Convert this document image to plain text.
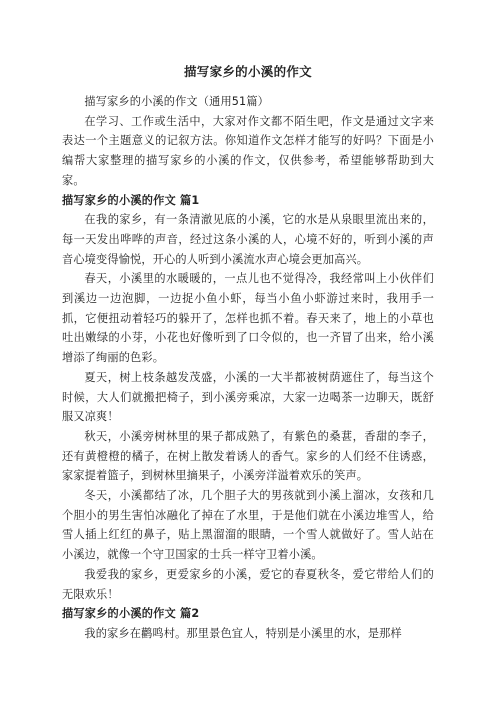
描写家乡的小溪的作文

描写家乡的小溪的作文（通用51篇）

在学习、工作或生活中，大家对作文都不陌生吧，作文是通过文字来表达一个主题意义的记叙方法。你知道作文怎样才能写的好吗？下面是小编帮大家整理的描写家乡的小溪的作文，仅供参考，希望能够帮助到大家。

描写家乡的小溪的作文 篇1

在我的家乡，有一条清澈见底的小溪，它的水是从泉眼里流出来的，每一天发出哗哗的声音，经过这条小溪的人，心境不好的，听到小溪的声音心境变得愉悦，开心的人听到小溪流水声心境会更加高兴。

春天，小溪里的水暖暖的，一点儿也不觉得冷，我经常叫上小伙伴们到溪边一边泡脚，一边捉小鱼小虾，每当小鱼小虾游过来时，我用手一抓，它便扭动着轻巧的躲开了，怎样也抓不着。春天来了，地上的小草也吐出嫩绿的小芽，小花也好像听到了口令似的，也一齐冒了出来，给小溪增添了绚丽的色彩。

夏天，树上枝条越发茂盛，小溪的一大半都被树荫遮住了，每当这个时候，大人们就搬把椅子，到小溪旁乘凉，大家一边喝茶一边聊天，既舒服又凉爽！

秋天，小溪旁树林里的果子都成熟了，有紫色的桑葚，香甜的李子，还有黄橙橙的橘子，在树上散发着诱人的香气。家乡的人们经不住诱惑，家家提着篮子，到树林里摘果子，小溪旁洋溢着欢乐的笑声。

冬天，小溪都结了冰，几个胆子大的男孩就到小溪上溜冰，女孩和几个胆小的男生害怕冰融化了掉在了水里，于是他们就在小溪边堆雪人，给雪人插上红红的鼻子，贴上黑溜溜的眼睛，一个雪人就做好了。雪人站在小溪边，就像一个守卫国家的士兵一样守卫着小溪。

我爱我的家乡，更爱家乡的小溪，爱它的春夏秋冬，爱它带给人们的无限欢乐！

描写家乡的小溪的作文 篇2

我的家乡在鹳鸣村。那里景色宜人，特别是小溪里的水，是那样
